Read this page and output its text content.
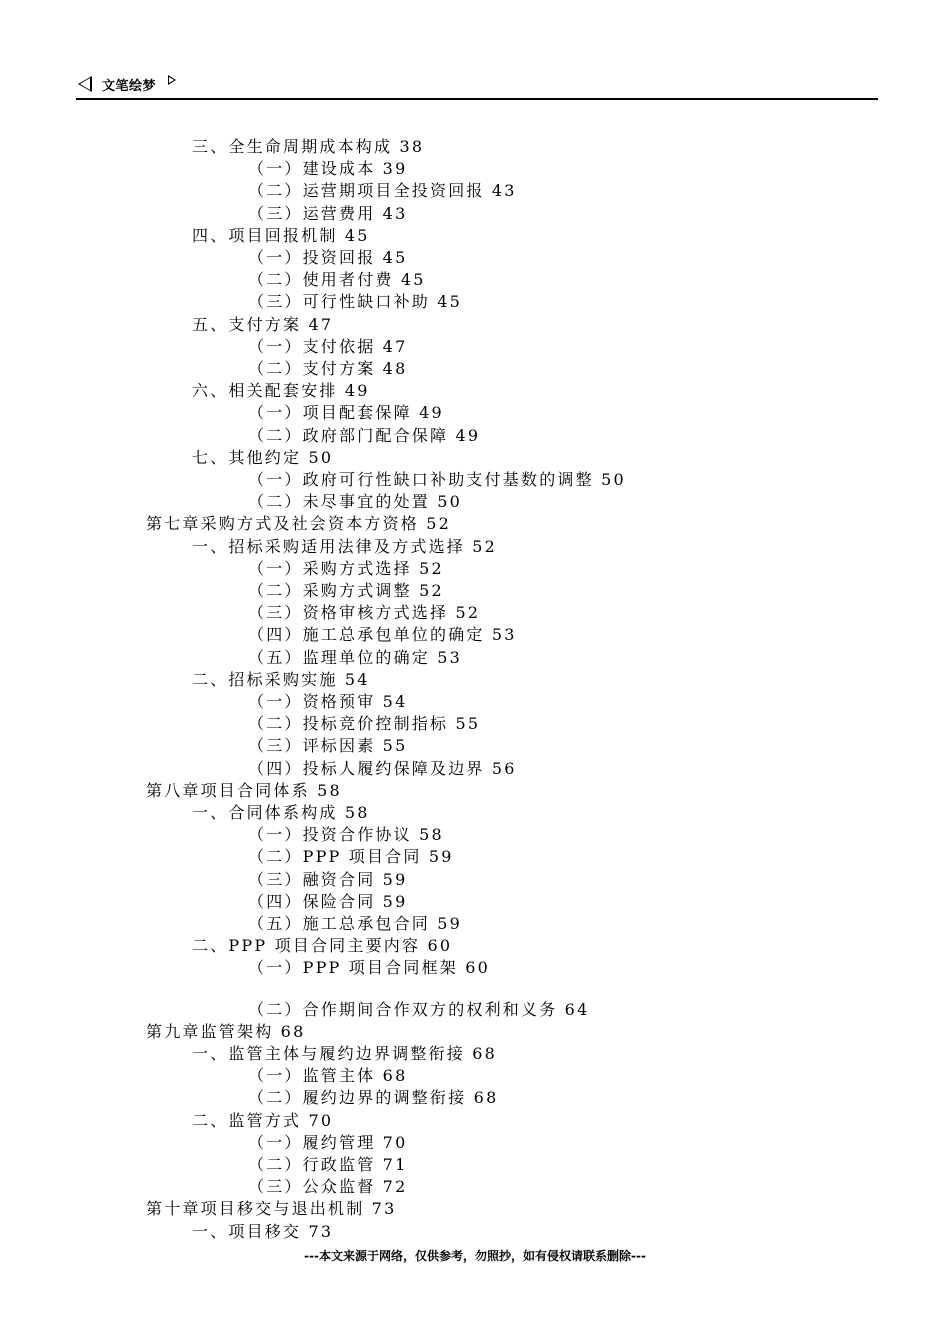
文笔绘梦
三、全生命周期成本构成 38
（一）建设成本 39
（二）运营期项目全投资回报 43
（三）运营费用 43
四、项目回报机制 45
（一）投资回报 45
（二）使用者付费 45
（三）可行性缺口补助 45
五、支付方案 47
（一）支付依据 47
（二）支付方案 48
六、相关配套安排 49
（一）项目配套保障 49
（二）政府部门配合保障 49
七、其他约定 50
（一）政府可行性缺口补助支付基数的调整 50
（二）未尽事宜的处置 50
第七章采购方式及社会资本方资格 52
一、招标采购适用法律及方式选择 52
（一）采购方式选择 52
（二）采购方式调整 52
（三）资格审核方式选择 52
（四）施工总承包单位的确定 53
（五）监理单位的确定 53
二、招标采购实施 54
（一）资格预审 54
（二）投标竞价控制指标 55
（三）评标因素 55
（四）投标人履约保障及边界 56
第八章项目合同体系 58
一、合同体系构成 58
（一）投资合作协议 58
（二）PPP 项目合同 59
（三）融资合同 59
（四）保险合同 59
（五）施工总承包合同 59
二、PPP 项目合同主要内容 60
（一）PPP 项目合同框架 60
（二）合作期间合作双方的权利和义务 64
第九章监管架构 68
一、监管主体与履约边界调整衔接 68
（一）监管主体 68
（二）履约边界的调整衔接 68
二、监管方式 70
（一）履约管理 70
（二）行政监管 71
（三）公众监督 72
第十章项目移交与退出机制 73
一、项目移交 73
---本文来源于网络，仅供参考，勿照抄，如有侵权请联系删除---
